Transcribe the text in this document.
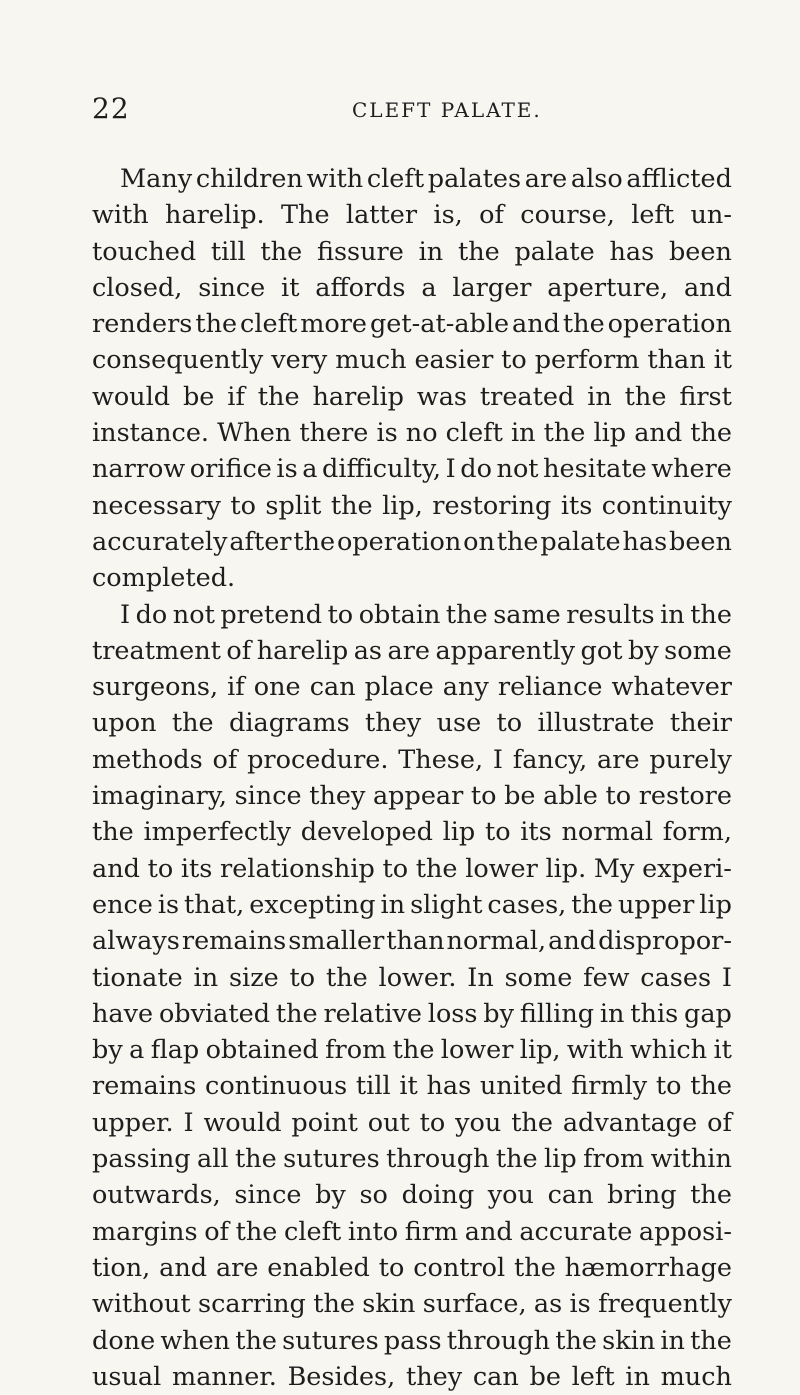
22	CLEFT PALATE.
Many children with cleft palates are also afflicted
with harelip. The latter is, of course, left un-
touched till the fissure in the palate has been
closed, since it affords a larger aperture, and
renders the cleft more get-at-able and the operation
consequently very much easier to perform than it
would be if the harelip was treated in the first
instance. When there is no cleft in the lip and the
narrow orifice is a difficulty, I do not hesitate where
necessary to split the lip, restoring its continuity
accurately after the operation on the palate has been
completed.
I do not pretend to obtain the same results in the
treatment of harelip as are apparently got by some
surgeons, if one can place any reliance whatever
upon the diagrams they use to illustrate their
methods of procedure. These, I fancy, are purely
imaginary, since they appear to be able to restore
the imperfectly developed lip to its normal form,
and to its relationship to the lower lip. My experi-
ence is that, excepting in slight cases, the upper lip
always remains smaller than normal, and dispropor-
tionate in size to the lower. In some few cases I
have obviated the relative loss by filling in this gap
by a flap obtained from the lower lip, with which it
remains continuous till it has united firmly to the
upper. I would point out to you the advantage of
passing all the sutures through the lip from within
outwards, since by so doing you can bring the
margins of the cleft into firm and accurate apposi-
tion, and are enabled to control the hæmorrhage
without scarring the skin surface, as is frequently
done when the sutures pass through the skin in the
usual manner. Besides, they can be left in much
